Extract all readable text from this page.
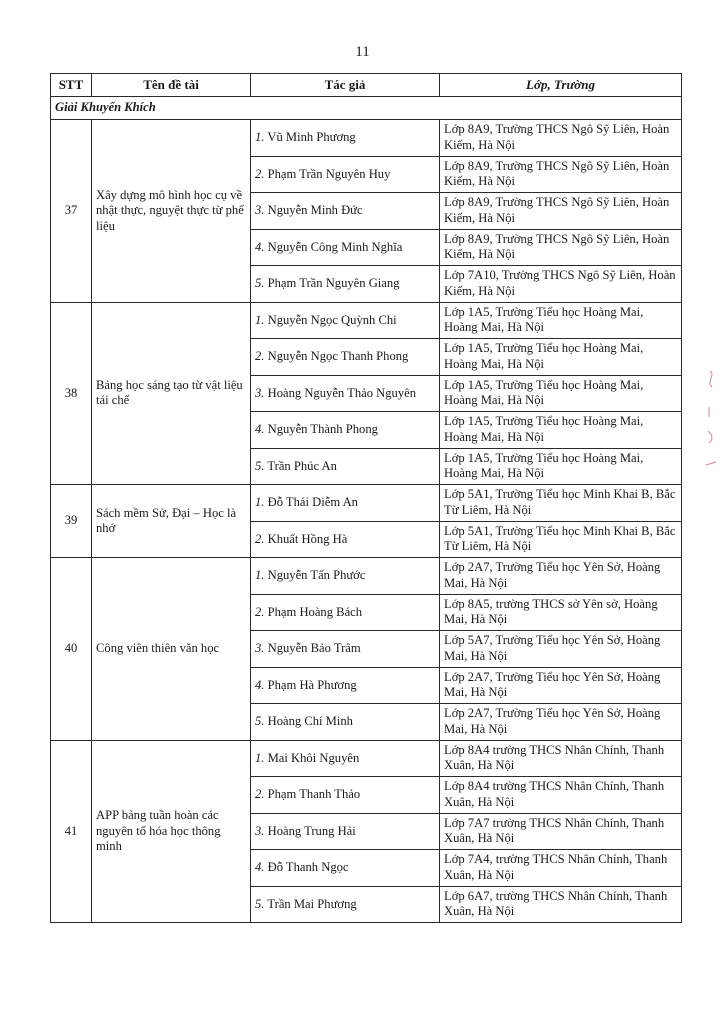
11
STT	Tên đề tài	Tác giả	Lớp, Trường
Giải Khuyến Khích			
37	Xây dựng mô hình học cụ về nhật thực, nguyệt thực từ phế liệu	1. Vũ Minh Phương	Lớp 8A9, Trường THCS Ngô Sỹ Liên, Hoàn Kiếm, Hà Nội
		2. Phạm Trần Nguyên Huy	Lớp 8A9, Trường THCS Ngô Sỹ Liên, Hoàn Kiếm, Hà Nội
		3. Nguyễn Minh Đức	Lớp 8A9, Trường THCS Ngô Sỹ Liên, Hoàn Kiếm, Hà Nội
		4. Nguyễn Công Minh Nghĩa	Lớp 8A9, Trường THCS Ngô Sỹ Liên, Hoàn Kiếm, Hà Nội
		5. Phạm Trần Nguyên Giang	Lớp 7A10, Trường THCS Ngô Sỹ Liên, Hoàn Kiếm, Hà Nội
38	Bảng học sáng tạo từ vật liệu tái chế	1. Nguyễn Ngọc Quỳnh Chi	Lớp 1A5, Trường Tiểu học Hoàng Mai, Hoàng Mai, Hà Nội
		2. Nguyễn Ngọc Thanh Phong	Lớp 1A5, Trường Tiểu học Hoàng Mai, Hoàng Mai, Hà Nội
		3. Hoàng Nguyễn Thảo Nguyên	Lớp 1A5, Trường Tiểu học Hoàng Mai, Hoàng Mai, Hà Nội
		4. Nguyễn Thành Phong	Lớp 1A5, Trường Tiểu học Hoàng Mai, Hoàng Mai, Hà Nội
		5. Trần Phúc An	Lớp 1A5, Trường Tiểu học Hoàng Mai, Hoàng Mai, Hà Nội
39	Sách mềm Sử, Đại – Học là nhớ	1. Đỗ Thái Diễm An	Lớp 5A1, Trường Tiểu học Minh Khai B, Bắc Từ Liêm, Hà Nội
		2. Khuất Hồng Hà	Lớp 5A1, Trường Tiểu học Minh Khai B, Bắc Từ Liêm, Hà Nội
40	Công viên thiên văn học	1. Nguyễn Tấn Phước	Lớp 2A7, Trường Tiểu học Yên Sở, Hoàng Mai, Hà Nội
		2. Phạm Hoàng Bách	Lớp 8A5, trường THCS sở Yên sở, Hoàng Mai, Hà Nội
		3. Nguyễn Bảo Trâm	Lớp 5A7, Trường Tiểu học Yên Sở, Hoàng Mai, Hà Nội
		4. Phạm Hà Phương	Lớp 2A7, Trường Tiểu học Yên Sở, Hoàng Mai, Hà Nội
		5. Hoàng Chí Minh	Lớp 2A7, Trường Tiểu học Yên Sở, Hoàng Mai, Hà Nội
41	APP bảng tuần hoàn các nguyên tố hóa học thông minh	1. Mai Khôi Nguyên	Lớp 8A4 trường THCS Nhân Chính, Thanh Xuân, Hà Nội
		2. Phạm Thanh Thảo	Lớp 8A4 trường THCS Nhân Chính, Thanh Xuân, Hà Nội
		3. Hoàng Trung Hải	Lớp 7A7 trường THCS Nhân Chính, Thanh Xuân, Hà Nội
		4. Đỗ Thanh Ngọc	Lớp 7A4, trường THCS Nhân Chính, Thanh Xuân, Hà Nội
		5. Trần Mai Phương	Lớp 6A7, trường THCS Nhân Chính, Thanh Xuân, Hà Nội
